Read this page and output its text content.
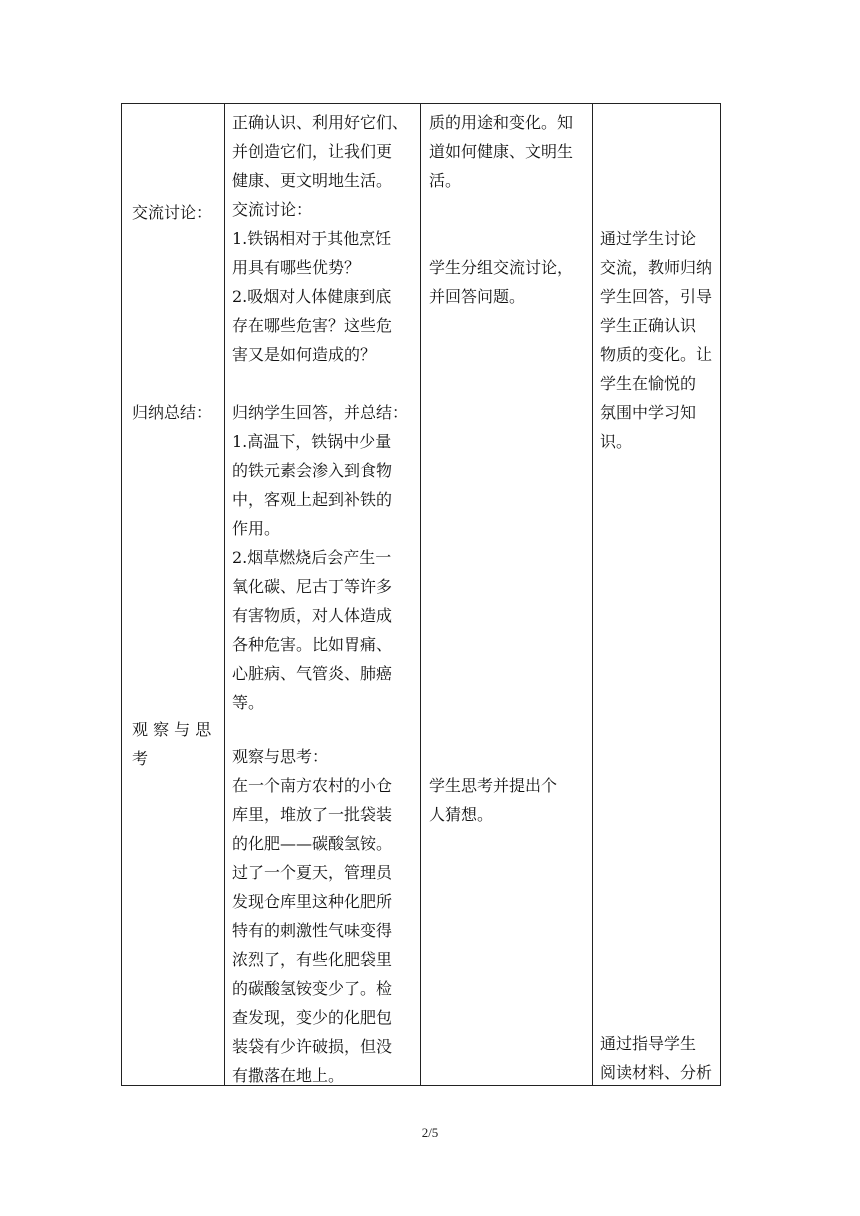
交流讨论：
归纳总结：
观 察 与 思
考
正确认识、利用好它们、
并创造它们，让我们更
健康、更文明地生活。
交流讨论：
1.铁锅相对于其他烹饪
用具有哪些优势？
2.吸烟对人体健康到底
存在哪些危害？这些危
害又是如何造成的？
归纳学生回答，并总结：
1.高温下，铁锅中少量
的铁元素会渗入到食物
中，客观上起到补铁的
作用。
2.烟草燃烧后会产生一
氧化碳、尼古丁等许多
有害物质，对人体造成
各种危害。比如胃痛、
心脏病、气管炎、肺癌
等。
观察与思考：
在一个南方农村的小仓
库里，堆放了一批袋装
的化肥——碳酸氢铵。
过了一个夏天，管理员
发现仓库里这种化肥所
特有的刺激性气味变得
浓烈了，有些化肥袋里
的碳酸氢铵变少了。检
查发现，变少的化肥包
装袋有少许破损，但没
有撒落在地上。
质的用途和变化。知
道如何健康、文明生
活。
学生分组交流讨论，
并回答问题。
学生思考并提出个
人猜想。
通过学生讨论
交流，教师归纳
学生回答，引导
学生正确认识
物质的变化。让
学生在愉悦的
氛围中学习知
识。
通过指导学生
阅读材料、分析
2/5
